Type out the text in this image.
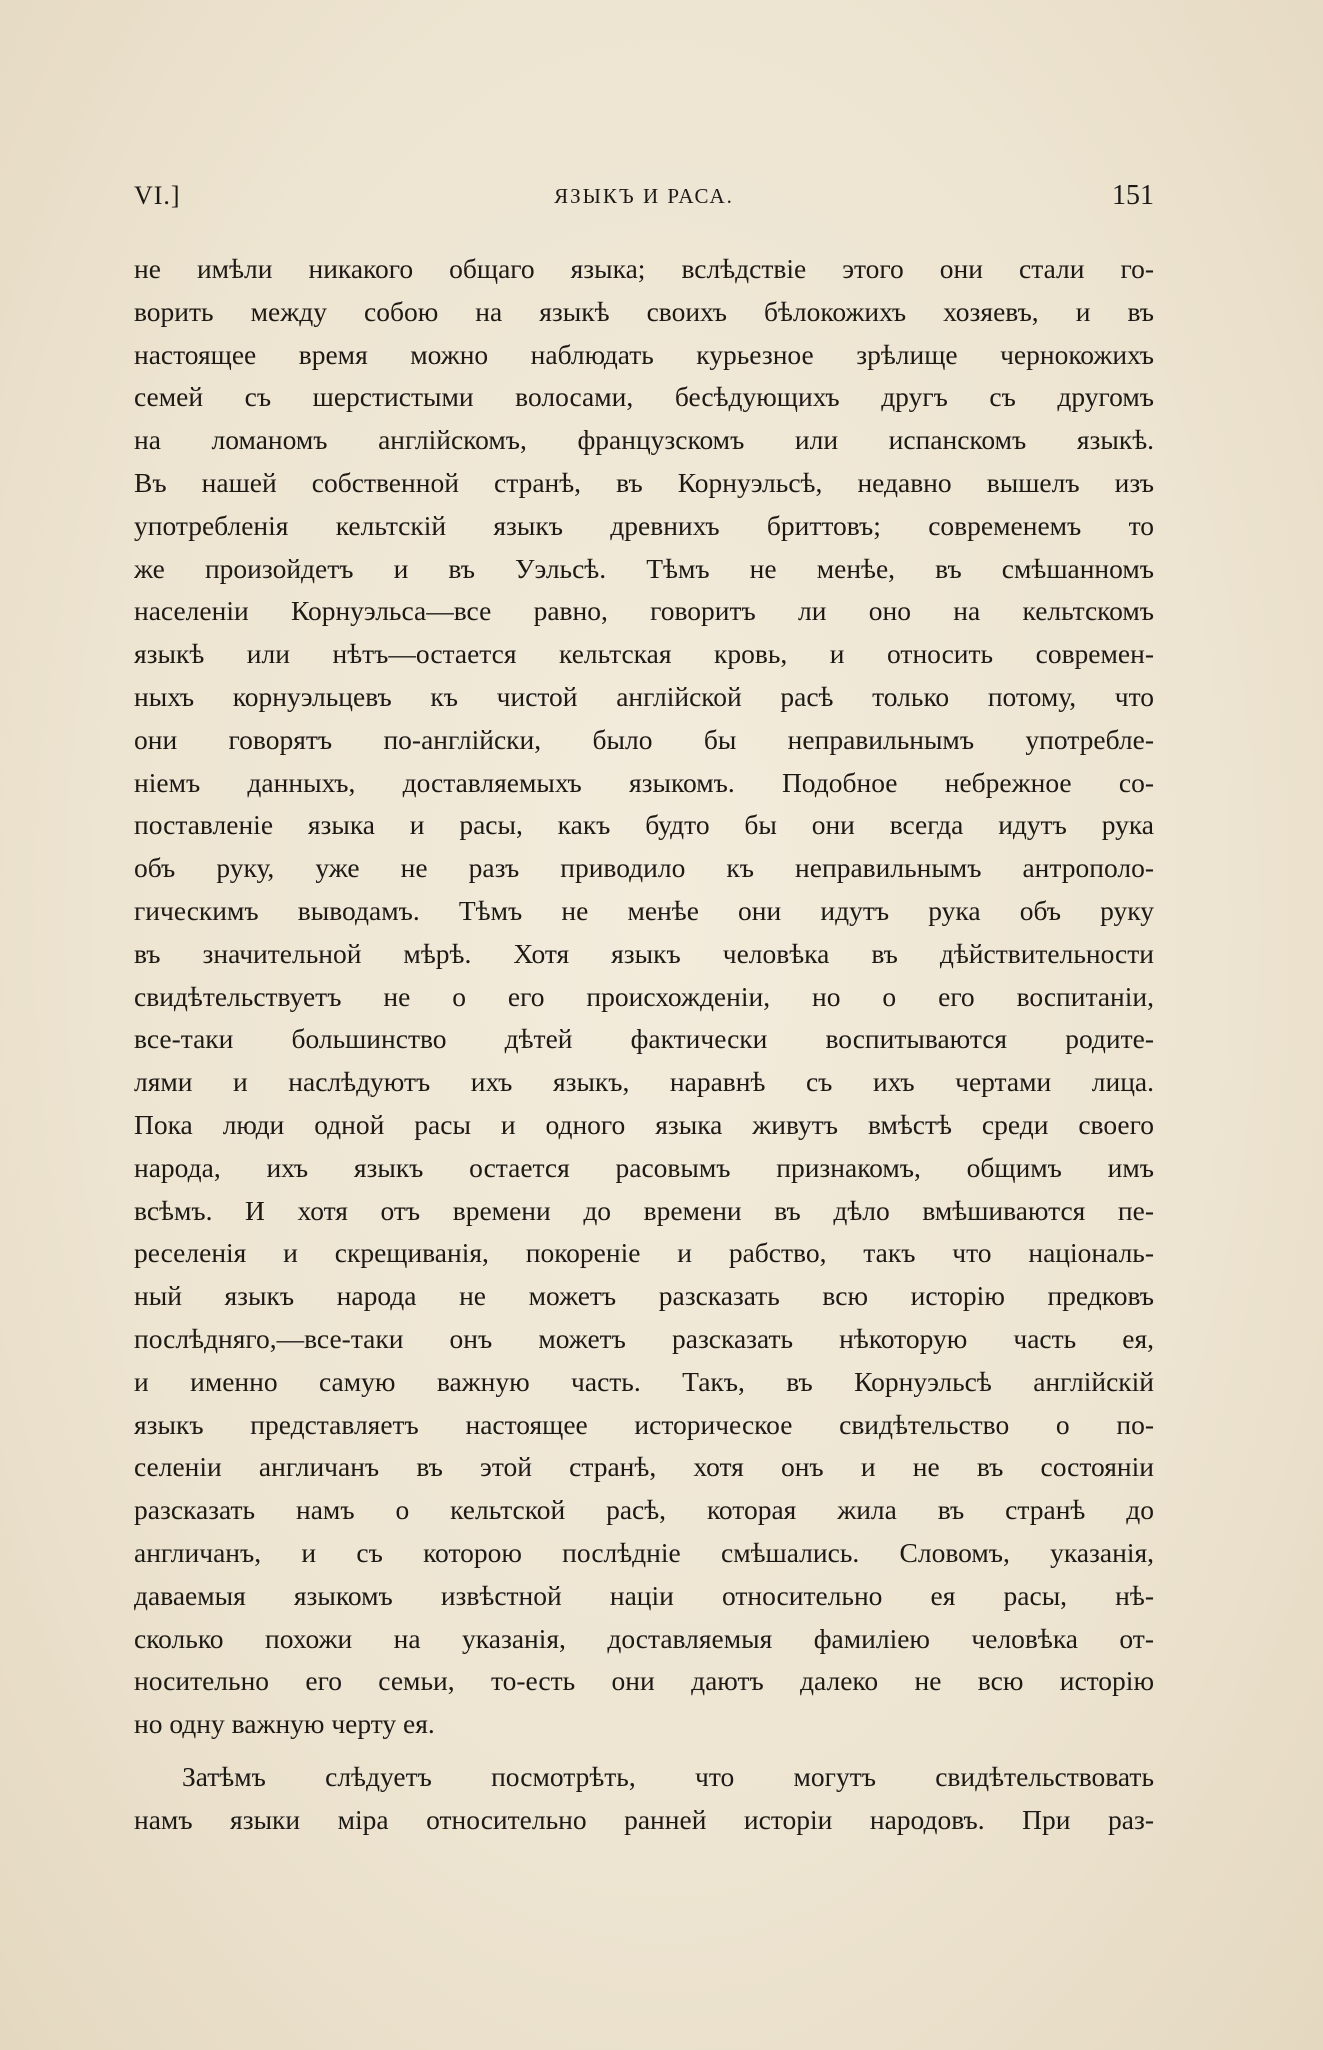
VI.]	ЯЗЫКЪ И РАСА.	151
не имѣли никакого общаго языка; вслѣдствіе этого они стали го-
ворить между собою на языкѣ своихъ бѣлокожихъ хозяевъ, и въ
настоящее время можно наблюдать курьезное зрѣлище чернокожихъ
семей съ шерстистыми волосами, бесѣдующихъ другъ съ другомъ
на ломаномъ англійскомъ, французскомъ или испанскомъ языкѣ.
Въ нашей собственной странѣ, въ Корнуэльсѣ, недавно вышелъ изъ
употребленія кельтскій языкъ древнихъ бриттовъ; современемъ то
же произойдетъ и въ Уэльсѣ. Тѣмъ не менѣе, въ смѣшанномъ
населеніи Корнуэльса—все равно, говоритъ ли оно на кельтскомъ
языкѣ или нѣтъ—остается кельтская кровь, и относить современ-
ныхъ корнуэльцевъ къ чистой англійской расѣ только потому, что
они говорятъ по-англійски, было бы неправильнымъ употребле-
ніемъ данныхъ, доставляемыхъ языкомъ. Подобное небрежное со-
поставленіе языка и расы, какъ будто бы они всегда идутъ рука
объ руку, уже не разъ приводило къ неправильнымъ антрополо-
гическимъ выводамъ. Тѣмъ не менѣе они идутъ рука объ руку
въ значительной мѣрѣ. Хотя языкъ человѣка въ дѣйствительности
свидѣтельствуетъ не о его происхожденіи, но о его воспитаніи,
все-таки большинство дѣтей фактически воспитываются родите-
лями и наслѣдуютъ ихъ языкъ, наравнѣ съ ихъ чертами лица.
Пока люди одной расы и одного языка живутъ вмѣстѣ среди своего
народа, ихъ языкъ остается расовымъ признакомъ, общимъ имъ
всѣмъ. И хотя отъ времени до времени въ дѣло вмѣшиваются пе-
реселенія и скрещиванія, покореніе и рабство, такъ что національ-
ный языкъ народа не можетъ разсказать всю исторію предковъ
послѣдняго,—все-таки онъ можетъ разсказать нѣкоторую часть ея,
и именно самую важную часть. Такъ, въ Корнуэльсѣ англійскій
языкъ представляетъ настоящее историческое свидѣтельство о по-
селеніи англичанъ въ этой странѣ, хотя онъ и не въ состояніи
разсказать намъ о кельтской расѣ, которая жила въ странѣ до
англичанъ, и съ которою послѣдніе смѣшались. Словомъ, указанія,
даваемыя языкомъ извѣстной націи относительно ея расы, нѣ-
сколько похожи на указанія, доставляемыя фамиліею человѣка от-
носительно его семьи, то-есть они даютъ далеко не всю исторію
но одну важную черту ея.
Затѣмъ слѣдуетъ посмотрѣть, что могутъ свидѣтельствовать
намъ языки міра относительно ранней исторіи народовъ. При раз-
